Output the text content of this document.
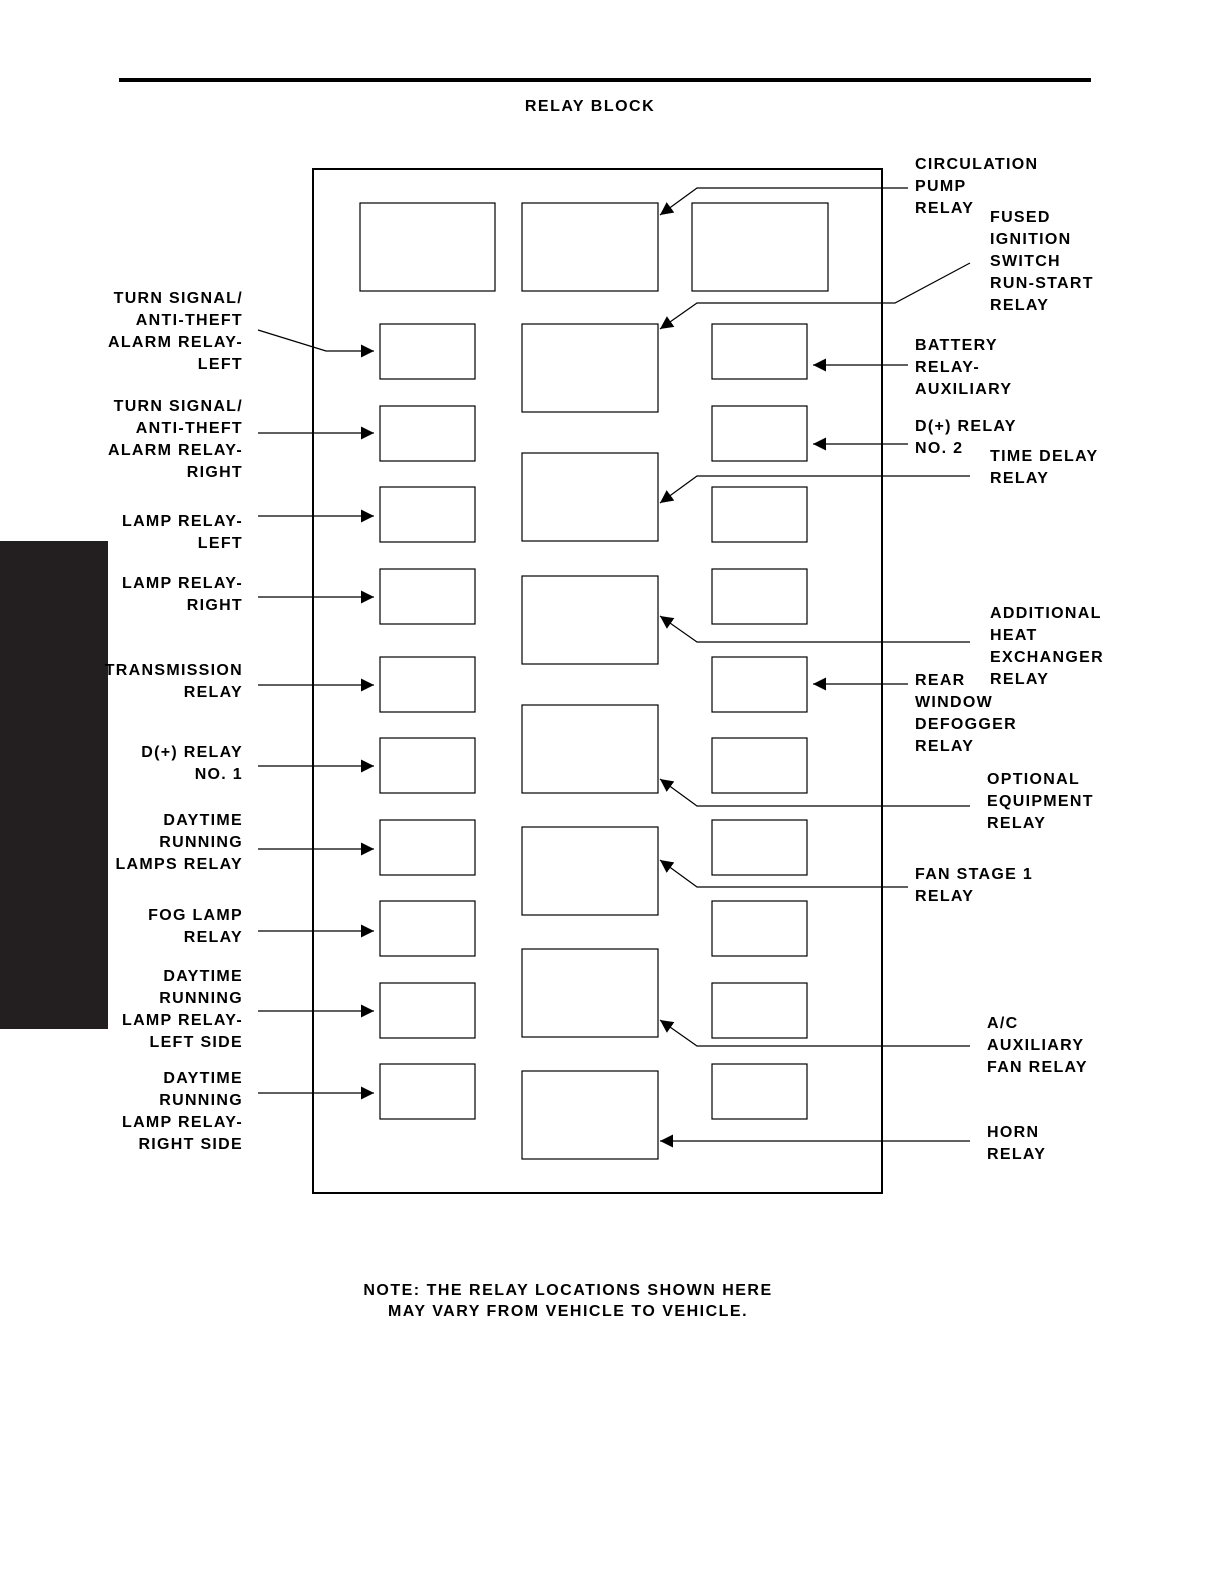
RELAY BLOCK
TURN SIGNAL/
ANTI-THEFT
ALARM RELAY-
LEFT
TURN SIGNAL/
ANTI-THEFT
ALARM RELAY-
RIGHT
LAMP RELAY-
LEFT
LAMP RELAY-
RIGHT
TRANSMISSION
RELAY
D(+) RELAY
NO. 1
DAYTIME
RUNNING
LAMPS RELAY
FOG LAMP
RELAY
DAYTIME
RUNNING
LAMP RELAY-
LEFT SIDE
DAYTIME
RUNNING
LAMP RELAY-
RIGHT SIDE
CIRCULATION
PUMP
RELAY
FUSED
IGNITION
SWITCH
RUN-START
RELAY
BATTERY
RELAY-
AUXILIARY
D(+) RELAY
NO. 2	TIME DELAY
RELAY
ADDITIONAL
HEAT
EXCHANGER
RELAY
REAR
WINDOW
DEFOGGER
RELAY
OPTIONAL
EQUIPMENT
RELAY
FAN STAGE 1
RELAY
A/C
AUXILIARY
FAN RELAY
HORN
RELAY
NOTE: THE RELAY LOCATIONS SHOWN HERE
MAY VARY FROM VEHICLE TO VEHICLE.
